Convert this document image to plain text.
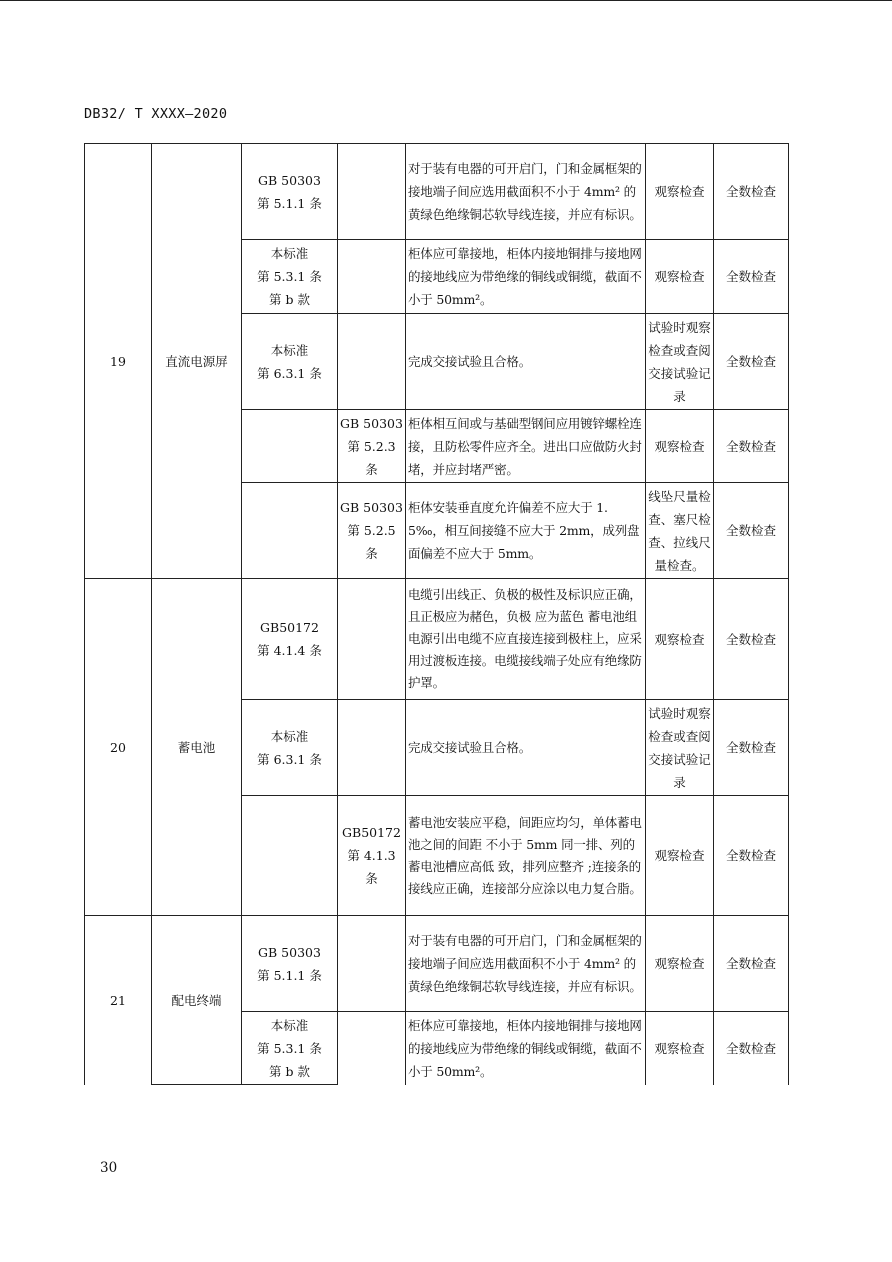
DB32/ T XXXX—2020
19	直流电源屏	GB 50303
第 5.1.1 条		对于装有电器的可开启门，门和金属框架的接地端子间应选用截面积不小于 4mm² 的黄绿色绝缘铜芯软导线连接，并应有标识。	观察检查	全数检查
		本标准
第 5.3.1 条
第 b 款		柜体应可靠接地，柜体内接地铜排与接地网的接地线应为带绝缘的铜线或铜缆，截面不小于 50mm²。	观察检查	全数检查
		本标准
第 6.3.1 条		完成交接试验且合格。	试验时观察检查或查阅交接试验记录	全数检查
			GB 50303
第 5.2.3 条	柜体相互间或与基础型钢间应用镀锌螺栓连接，且防松零件应齐全。进出口应做防火封堵，并应封堵严密。	观察检查	全数检查
			GB 50303
第 5.2.5 条	柜体安装垂直度允许偏差不应大于 1.5‰，相互间接缝不应大于 2mm，成列盘面偏差不应大于 5mm。	线坠尺量检查、塞尺检查、拉线尺量检查。	全数检查
20	蓄电池	GB50172
第 4.1.4 条		电缆引出线正、负极的极性及标识应正确，且正极应为赭色，负极 应为蓝色 蓄电池组电源引出电缆不应直接连接到极柱上，应采用过渡板连接。电缆接线端子处应有绝缘防护罩。	观察检查	全数检查
		本标准
第 6.3.1 条		完成交接试验且合格。	试验时观察检查或查阅交接试验记录	全数检查
			GB50172
第 4.1.3 条	蓄电池安装应平稳，间距应均匀，单体蓄电池之间的间距 不小于 5mm 同一排、列的蓄电池槽应高低 致，排列应整齐 ;连接条的接线应正确，连接部分应涂以电力复合脂。	观察检查	全数检查
21	配电终端	GB 50303
第 5.1.1 条		对于装有电器的可开启门，门和金属框架的接地端子间应选用截面积不小于 4mm² 的黄绿色绝缘铜芯软导线连接，并应有标识。	观察检查	全数检查
		本标准
第 5.3.1 条
第 b 款		柜体应可靠接地，柜体内接地铜排与接地网的接地线应为带绝缘的铜线或铜缆，截面不小于 50mm²。	观察检查	全数检查
30
